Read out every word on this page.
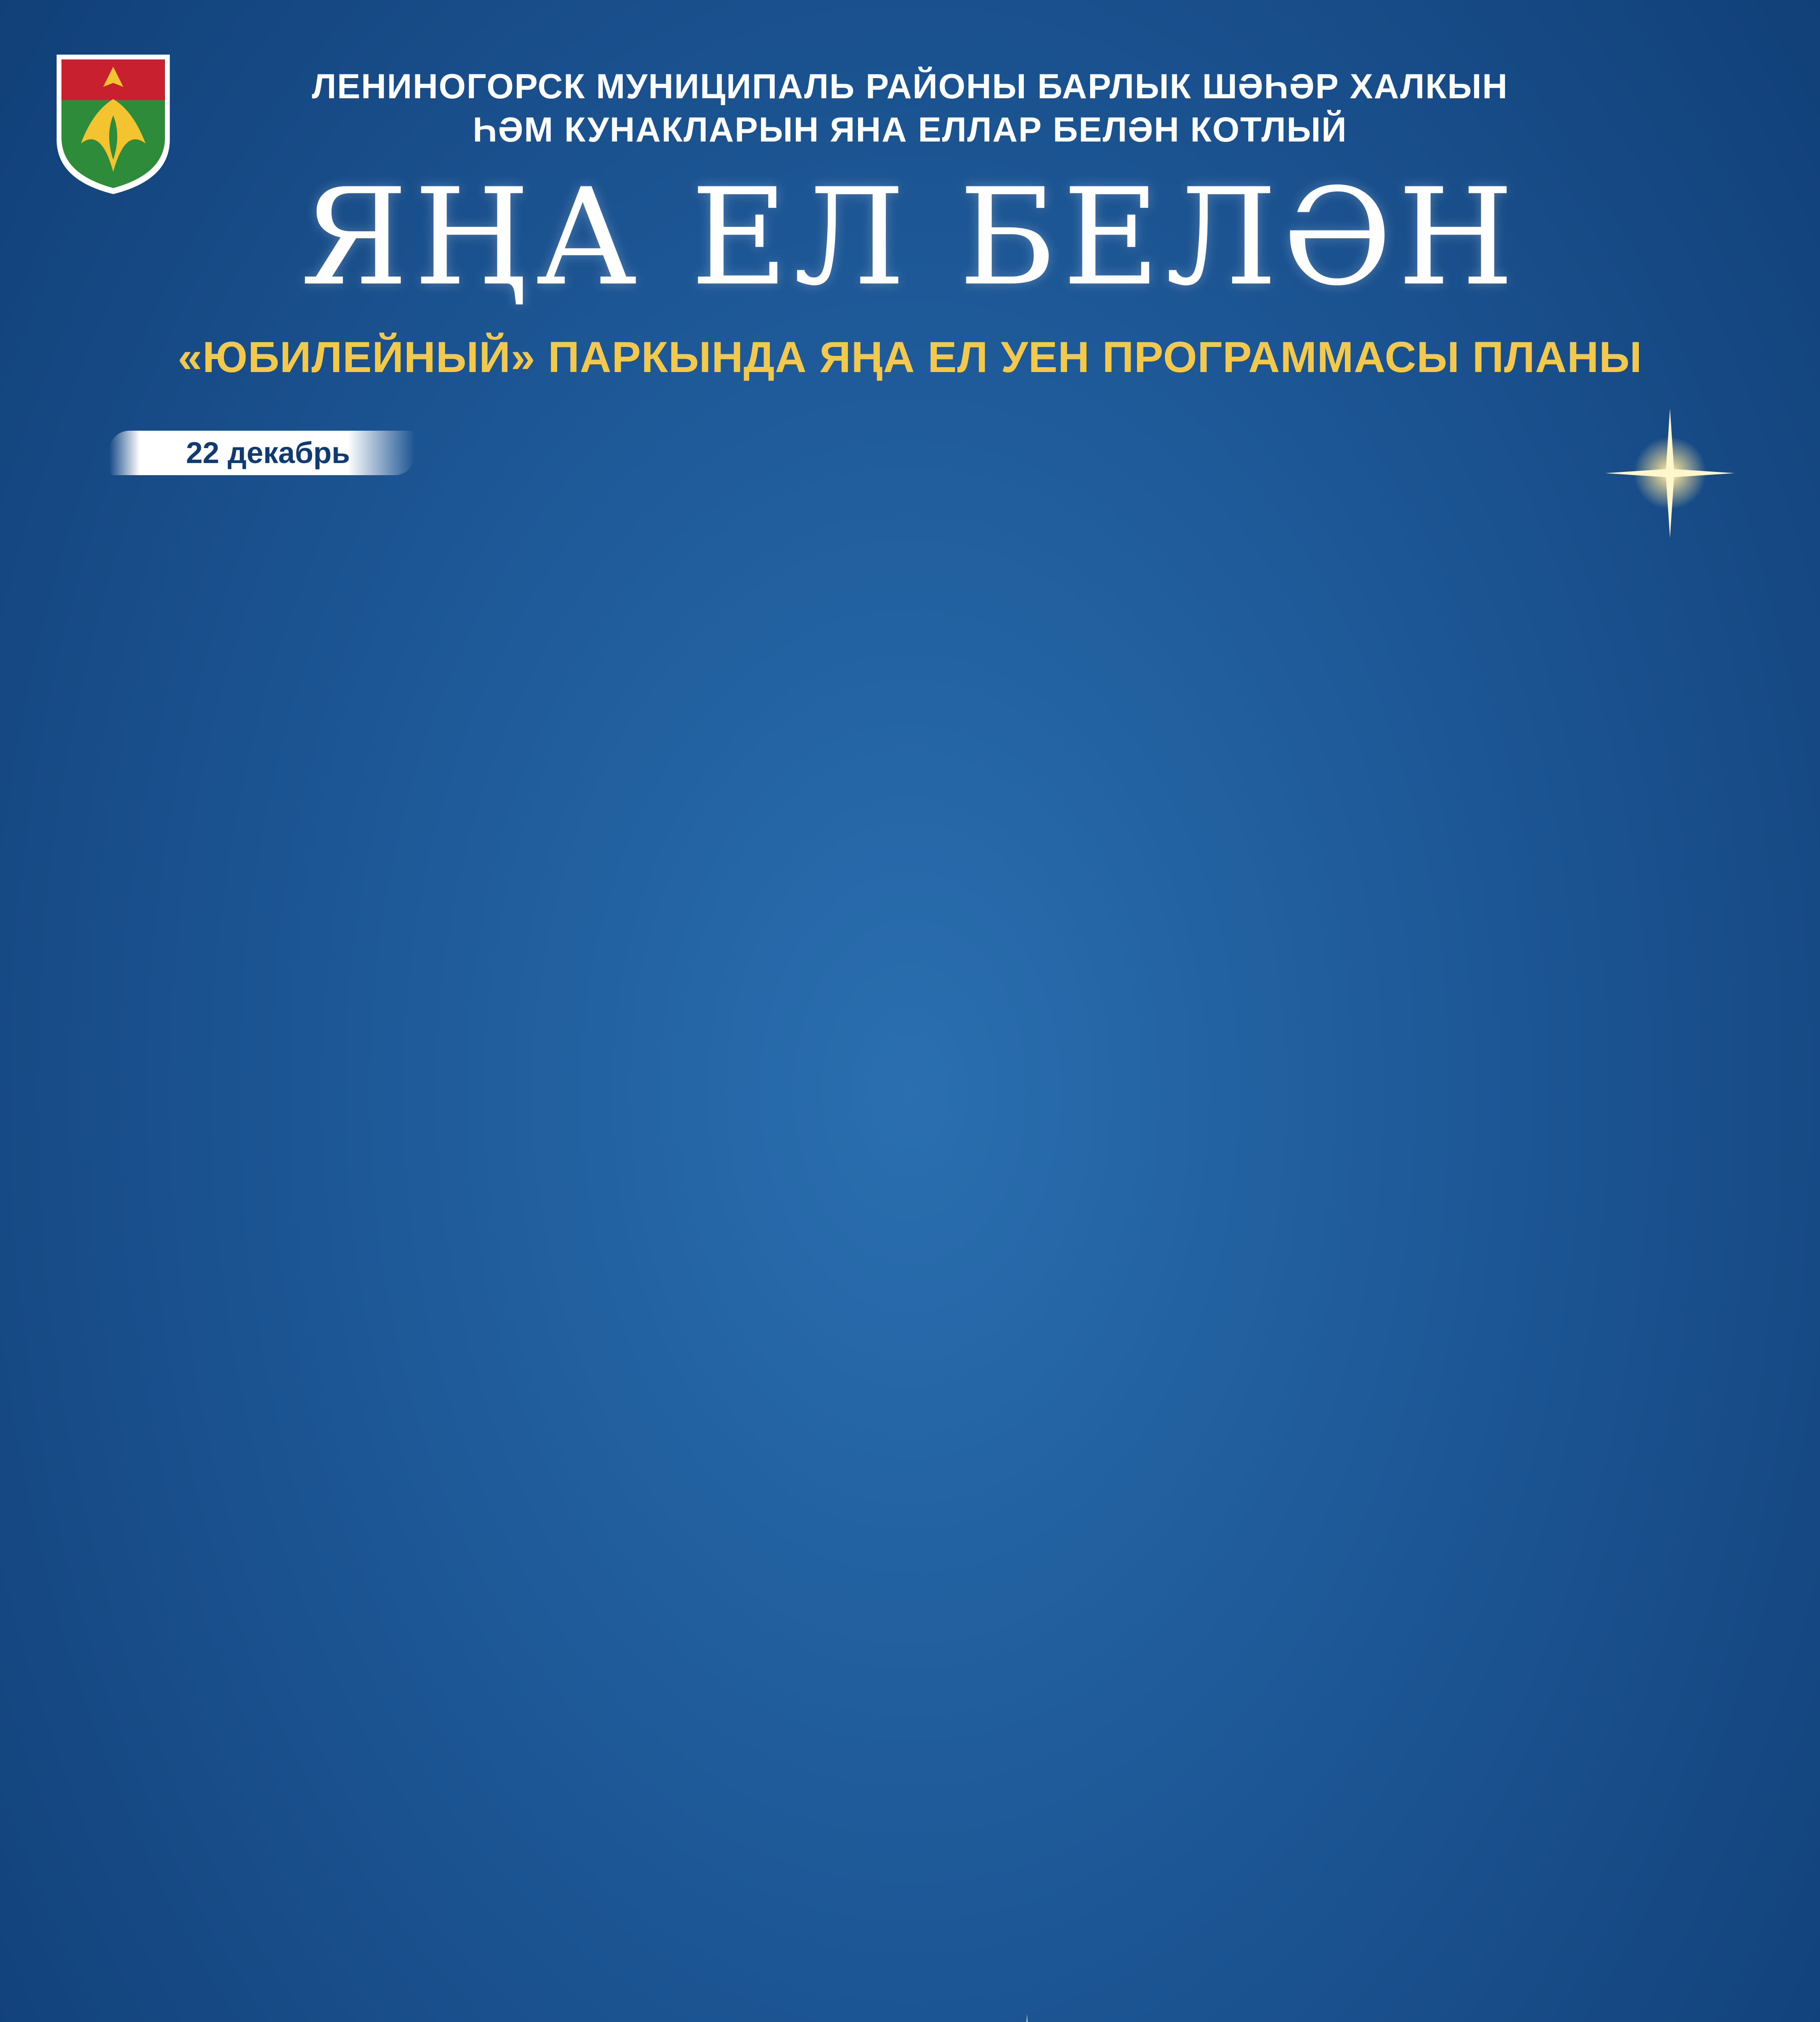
ЛЕНИНОГОРСК МУНИЦИПАЛЬ РАЙОНЫ БАРЛЫК ШӘҺӘР ХАЛКЫН
ҺӘМ КУНАКЛАРЫН ЯНА ЕЛЛАР БЕЛӘН КОТЛЫЙ
ЯҢА ЕЛ БЕЛӘН
«ЮБИЛЕЙНЫЙ» ПАРКЫНДА ЯҢА ЕЛ УЕН ПРОГРАММАСЫ ПЛАНЫ
22 декабрь
